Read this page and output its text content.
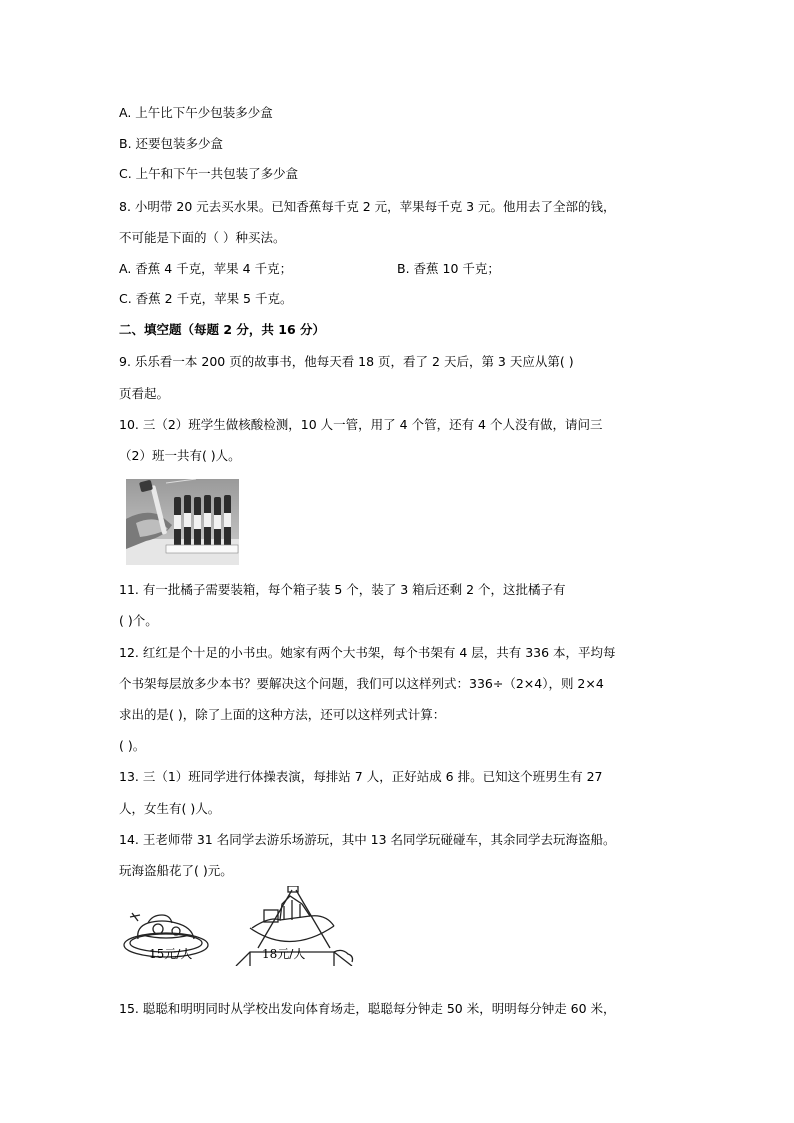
A. 上午比下午少包装多少盒
B. 还要包装多少盒
C. 上午和下午一共包装了多少盒
8. 小明带 20 元去买水果。已知香蕉每千克 2 元，苹果每千克 3 元。他用去了全部的钱，
不可能是下面的（ ）种买法。
A. 香蕉 4 千克，苹果 4 千克；	B. 香蕉 10 千克；
C. 香蕉 2 千克，苹果 5 千克。
二、填空题（每题 2 分，共 16 分）
9. 乐乐看一本 200 页的故事书，他每天看 18 页，看了 2 天后，第 3 天应从第( )
页看起。
10. 三（2）班学生做核酸检测，10 人一管，用了 4 个管，还有 4 个人没有做，请问三
（2）班一共有( )人。
11. 有一批橘子需要装箱，每个箱子装 5 个，装了 3 箱后还剩 2 个，这批橘子有
( )个。
12. 红红是个十足的小书虫。她家有两个大书架，每个书架有 4 层，共有 336 本，平均每
个书架每层放多少本书？要解决这个问题，我们可以这样列式：336÷（2×4），则 2×4
求出的是( )，除了上面的这种方法，还可以这样列式计算：
( )。
13. 三（1）班同学进行体操表演，每排站 7 人，正好站成 6 排。已知这个班男生有 27
人，女生有( )人。
14. 王老师带 31 名同学去游乐场游玩，其中 13 名同学玩碰碰车，其余同学去玩海盗船。
玩海盗船花了( )元。
15元/人	18元/人
15. 聪聪和明明同时从学校出发向体育场走，聪聪每分钟走 50 米，明明每分钟走 60 米，
